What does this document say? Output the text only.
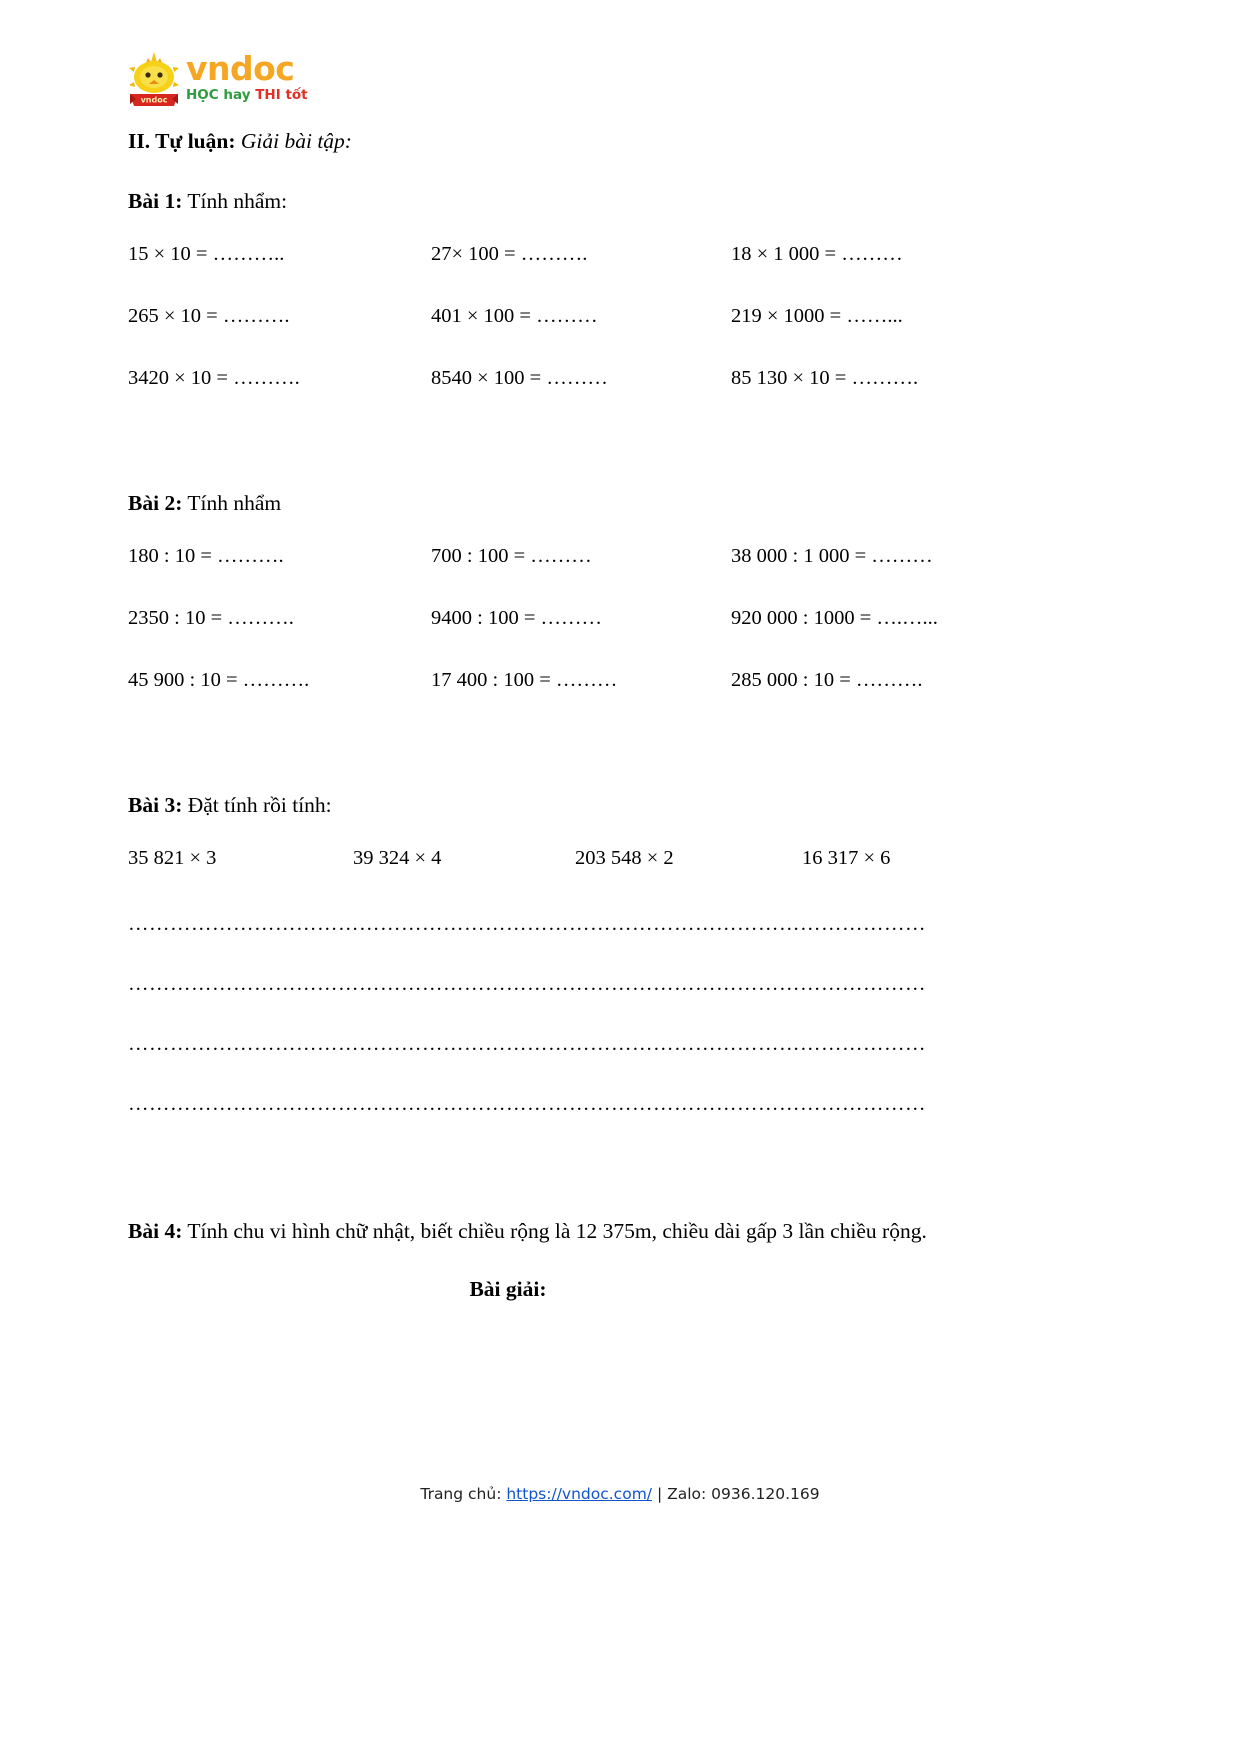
vndoc
vndoc
HỌC hay THI tốt

II. Tự luận: Giải bài tập:

Bài 1: Tính nhẩm:

15 × 10 = ………..	27× 100 = ……….	18 × 1 000 = ………
265 × 10 = ……….	401 × 100 = ………	219 × 1000 = ……...
3420 × 10 = ……….	8540 × 100 = ………	85 130 × 10 = ……….

Bài 2: Tính nhẩm

180 : 10 = ……….	700 : 100 = ………	38 000 : 1 000 = ………
2350 : 10 = ……….	9400 : 100 = ………	920 000 : 1000 = ….…...
45 900 : 10 = ……….	17 400 : 100 = ………	285 000 : 10 = ……….

Bài 3: Đặt tính rồi tính:

35 821 × 3	39 324 × 4	203 548 × 2	16 317 × 6
……………………………………………………………………………………………………
……………………………………………………………………………………………………
……………………………………………………………………………………………………
……………………………………………………………………………………………………

Bài 4: Tính chu vi hình chữ nhật, biết chiều rộng là 12 375m, chiều dài gấp 3 lần chiều rộng.

Bài giải:
Trang chủ: https://vndoc.com/ | Zalo: 0936.120.169
